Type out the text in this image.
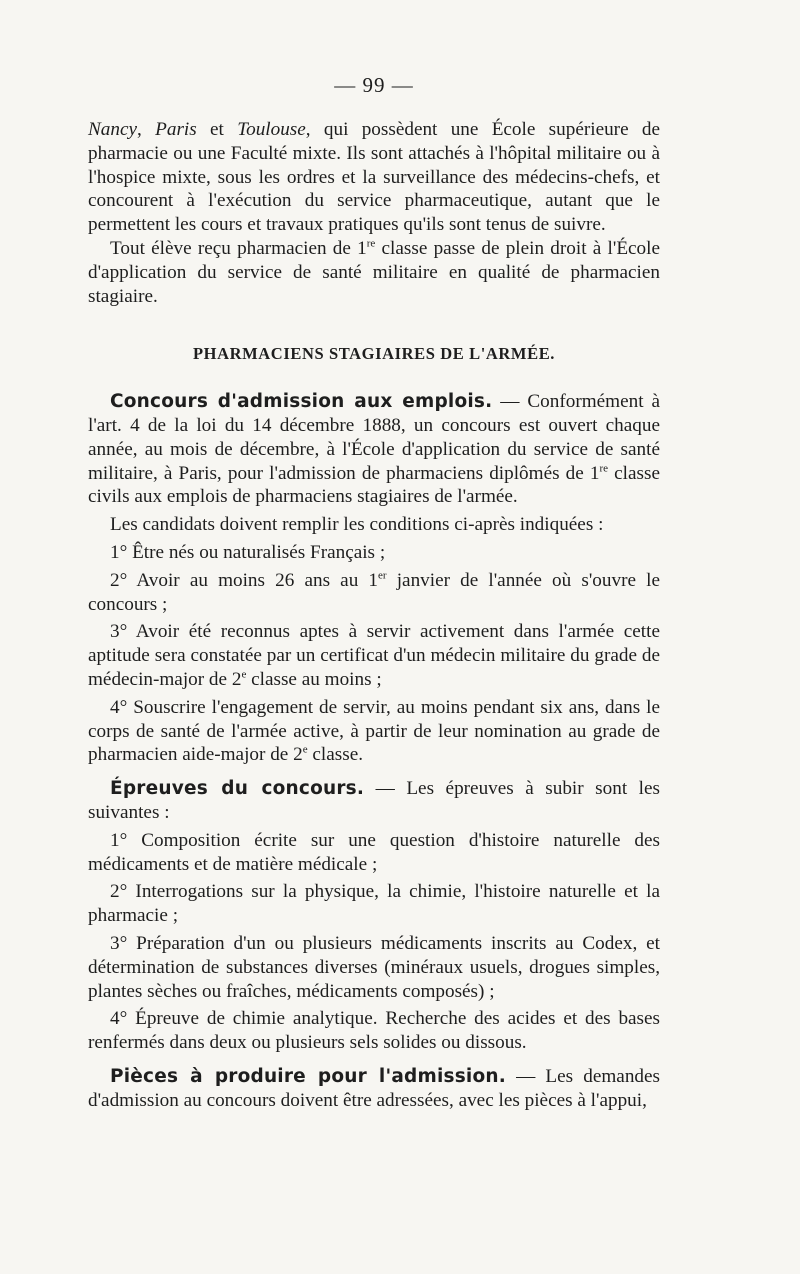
— 99 —

Nancy, Paris et Toulouse, qui possèdent une École supérieure de pharmacie ou une Faculté mixte. Ils sont attachés à l'hôpital militaire ou à l'hospice mixte, sous les ordres et la surveillance des médecins-chefs, et concourent à l'exécution du service pharmaceutique, autant que le permettent les cours et travaux pratiques qu'ils sont tenus de suivre.

Tout élève reçu pharmacien de 1re classe passe de plein droit à l'École d'application du service de santé militaire en qualité de pharmacien stagiaire.

PHARMACIENS STAGIAIRES DE L'ARMÉE.

Concours d'admission aux emplois. — Conformément à l'art. 4 de la loi du 14 décembre 1888, un concours est ouvert chaque année, au mois de décembre, à l'École d'application du service de santé militaire, à Paris, pour l'admission de pharmaciens diplômés de 1re classe civils aux emplois de pharmaciens stagiaires de l'armée.

Les candidats doivent remplir les conditions ci-après indiquées :

1° Être nés ou naturalisés Français ;

2° Avoir au moins 26 ans au 1er janvier de l'année où s'ouvre le concours ;

3° Avoir été reconnus aptes à servir activement dans l'armée cette aptitude sera constatée par un certificat d'un médecin militaire du grade de médecin-major de 2e classe au moins ;

4° Souscrire l'engagement de servir, au moins pendant six ans, dans le corps de santé de l'armée active, à partir de leur nomination au grade de pharmacien aide-major de 2e classe.

Épreuves du concours. — Les épreuves à subir sont les suivantes :

1° Composition écrite sur une question d'histoire naturelle des médicaments et de matière médicale ;

2° Interrogations sur la physique, la chimie, l'histoire naturelle et la pharmacie ;

3° Préparation d'un ou plusieurs médicaments inscrits au Codex, et détermination de substances diverses (minéraux usuels, drogues simples, plantes sèches ou fraîches, médicaments composés) ;

4° Épreuve de chimie analytique. Recherche des acides et des bases renfermés dans deux ou plusieurs sels solides ou dissous.

Pièces à produire pour l'admission. — Les demandes d'admission au concours doivent être adressées, avec les pièces à l'appui,
